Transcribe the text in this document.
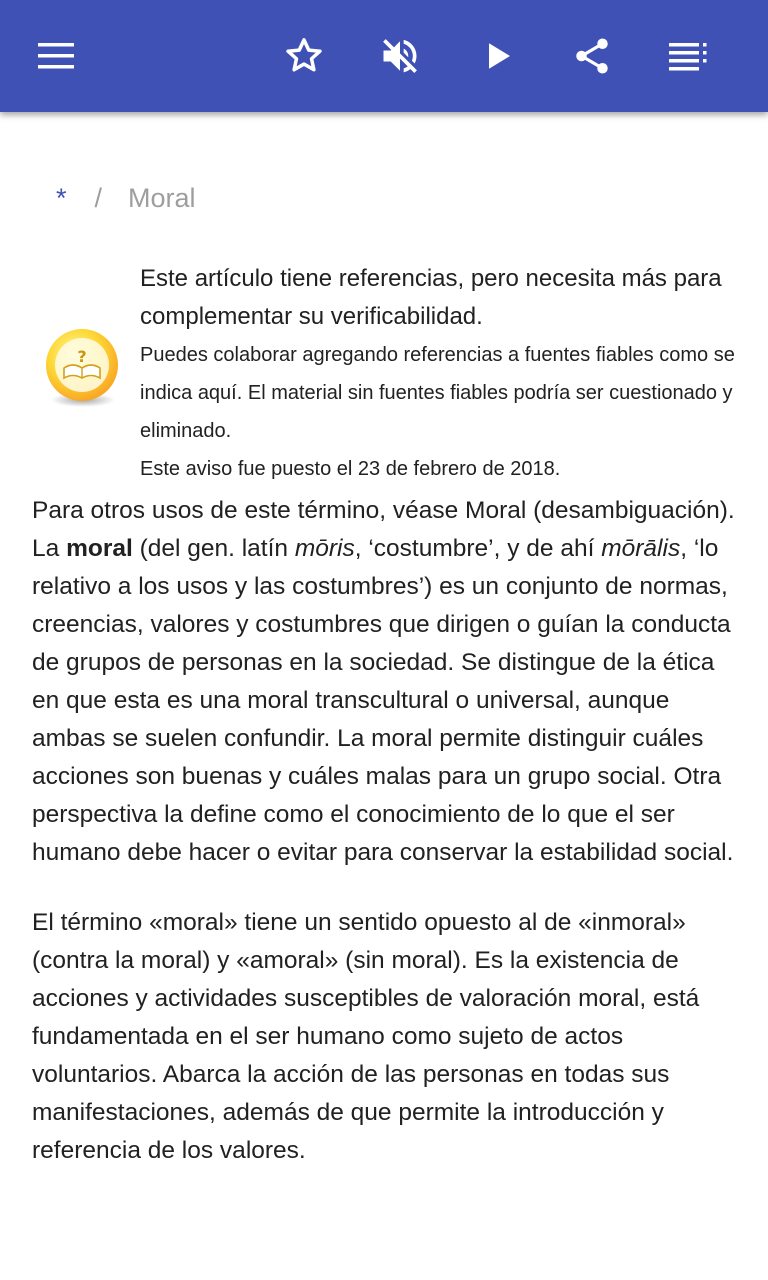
* / Moral
?

Este artículo tiene referencias, pero necesita más para complementar su verificabilidad.

Puedes colaborar agregando referencias a fuentes fiables como se indica aquí. El material sin fuentes fiables podría ser cuestionado y eliminado.

Este aviso fue puesto el 23 de febrero de 2018.

Para otros usos de este término, véase Moral (desambiguación).

La moral (del gen. latín mōris, ‘costumbre’, y de ahí mōrālis, ‘lo relativo a los usos y las costumbres’) es un conjunto de normas, creencias, valores y costumbres que dirigen o guían la conducta de grupos de personas en la sociedad. Se distingue de la ética en que esta es una moral transcultural o universal, aunque ambas se suelen confundir. La moral permite distinguir cuáles acciones son buenas y cuáles malas para un grupo social. Otra perspectiva la define como el conocimiento de lo que el ser humano debe hacer o evitar para conservar la estabilidad social.

El término «moral» tiene un sentido opuesto al de «inmoral» (contra la moral) y «amoral» (sin moral). Es la existencia de acciones y actividades susceptibles de valoración moral, está fundamentada en el ser humano como sujeto de actos voluntarios. Abarca la acción de las personas en todas sus manifestaciones, además de que permite la introducción y referencia de los valores.
